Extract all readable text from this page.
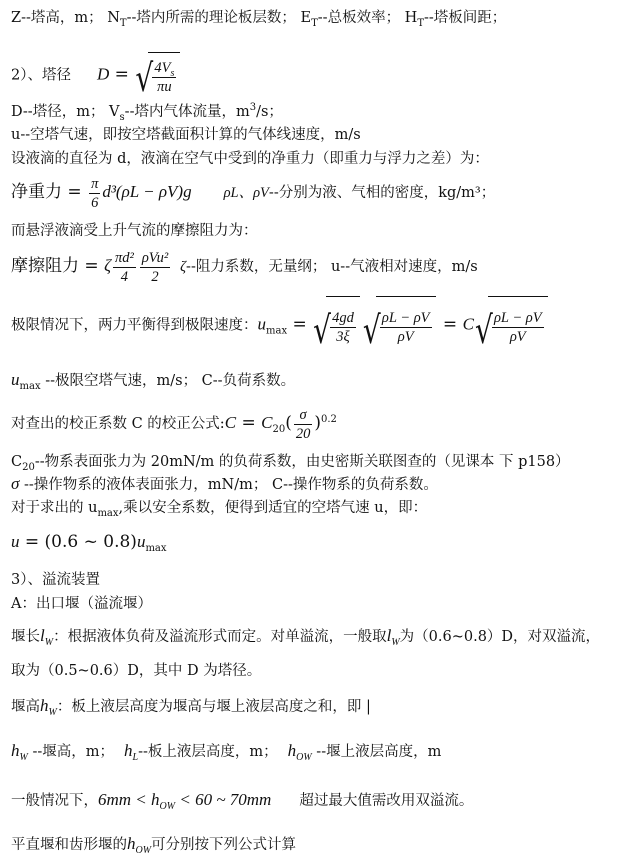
Z--塔高，m； $N_T--$塔内所需的理论板层数； $E_T--$总板效率； $H_T--$塔板间距；
2）、塔径 D = √ $\frac{4V_s}{\pi u}$
D--塔径，m； $V_s--$塔内气体流量，$m^3/s$；
u--空塔气速，即按空塔截面积计算的气体线速度，m/s
设液滴的直径为 d，液滴在空气中受到的净重力（即重力与浮力之差）为：
净重力 = $\frac{\pi}{6} d^3(\rho L - \rho V)g$ ρL、ρV--分别为液、气相的密度，kg/m³；
而悬浮液滴受上升气流的摩擦阻力为：
摩擦阻力 = ζ $\frac{\text{πd²}}{4} \frac{\text{ρVu²}}{2} \zeta--$阻力系数，无量纲； u--气液相对速度，m/s
极限情况下，两力平衡得到极限速度：$u_{max}$ = √ $\frac{4gd}{3\xi}$ √ $\frac{\rho L - \rho V}{\rho V} = C$ √ $\frac{\rho L - \rho V}{\rho V}$
$u_{max}$ --极限空塔气速，m/s； C--负荷系数。
对查出的校正系数 C 的校正公式:C = $C_{20}( \frac{\sigma}{20} )^{0.2}$
$C_{20}--$物系表面张力为 20mN/m 的负荷系数，由史密斯关联图查的（见课本 下 p158）
σ --操作物系的液体表面张力，mN/m； C--操作物系的负荷系数。
对于求出的 $u_{max}$,乘以安全系数，便得到适宜的空塔气速 u，即：
u = (0.6 ~ $0.8)u_{max}$
3）、溢流装置
A：出口堰（溢流堰）
堰长$l_W$：根据液体负荷及溢流形式而定。对单溢流，一般取$l_W$为（0.6~0.8）D，对双溢流，
取为（0.5~0.6）D，其中 D 为塔径。
堰高$h_W$：板上液层高度为堰高与堰上液层高度之和，即 |
$h_W$ --堰高，m； $h_L--$板上液层高度，m； $h_{OW}$ --堰上液层高度，m
一般情况下，$6mm < h_{OW} < 60$ ~ 70mm 超过最大值需改用双溢流。
平直堰和齿形堰的$h_{OW}$可分别按下列公式计算
